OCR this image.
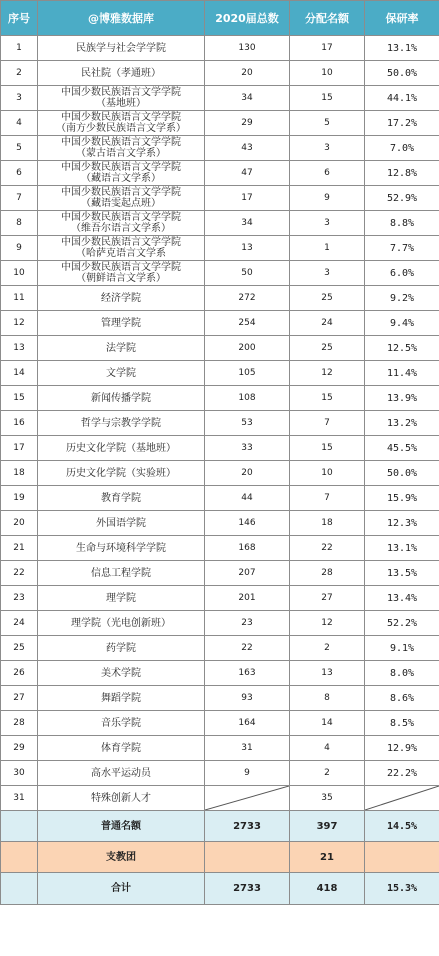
序号	@博雅数据库	2020届总数	分配名额	保研率
1	民族学与社会学学院	130	17	13.1%
2	民社院（孝通班）	20	10	50.0%
3	中国少数民族语言文学学院
（基地班）	34	15	44.1%
4	中国少数民族语言文学学院
（南方少数民族语言文学系）	29	5	17.2%
5	中国少数民族语言文学学院
（蒙古语言文学系）	43	3	7.0%
6	中国少数民族语言文学学院
（藏语言文学系）	47	6	12.8%
7	中国少数民族语言文学学院
（藏语雯起点班）	17	9	52.9%
8	中国少数民族语言文学学院
（维吾尔语言文学系）	34	3	8.8%
9	中国少数民族语言文学学院
（哈萨克语言文学系	13	1	7.7%
10	中国少数民族语言文学学院
（朝鲜语言文学系）	50	3	6.0%
11	经济学院	272	25	9.2%
12	管理学院	254	24	9.4%
13	法学院	200	25	12.5%
14	文学院	105	12	11.4%
15	新闻传播学院	108	15	13.9%
16	哲学与宗教学学院	53	7	13.2%
17	历史文化学院（基地班）	33	15	45.5%
18	历史文化学院（实验班）	20	10	50.0%
19	教育学院	44	7	15.9%
20	外国语学院	146	18	12.3%
21	生命与环境科学学院	168	22	13.1%
22	信息工程学院	207	28	13.5%
23	理学院	201	27	13.4%
24	理学院（光电创新班）	23	12	52.2%
25	药学院	22	2	9.1%
26	美术学院	163	13	8.0%
27	舞蹈学院	93	8	8.6%
28	音乐学院	164	14	8.5%
29	体育学院	31	4	12.9%
30	高水平运动员	9	2	22.2%
31	特殊创新人才		35	

	普通名额	2733	397	14.5%
	支教团		21	
	合计	2733	418	15.3%
